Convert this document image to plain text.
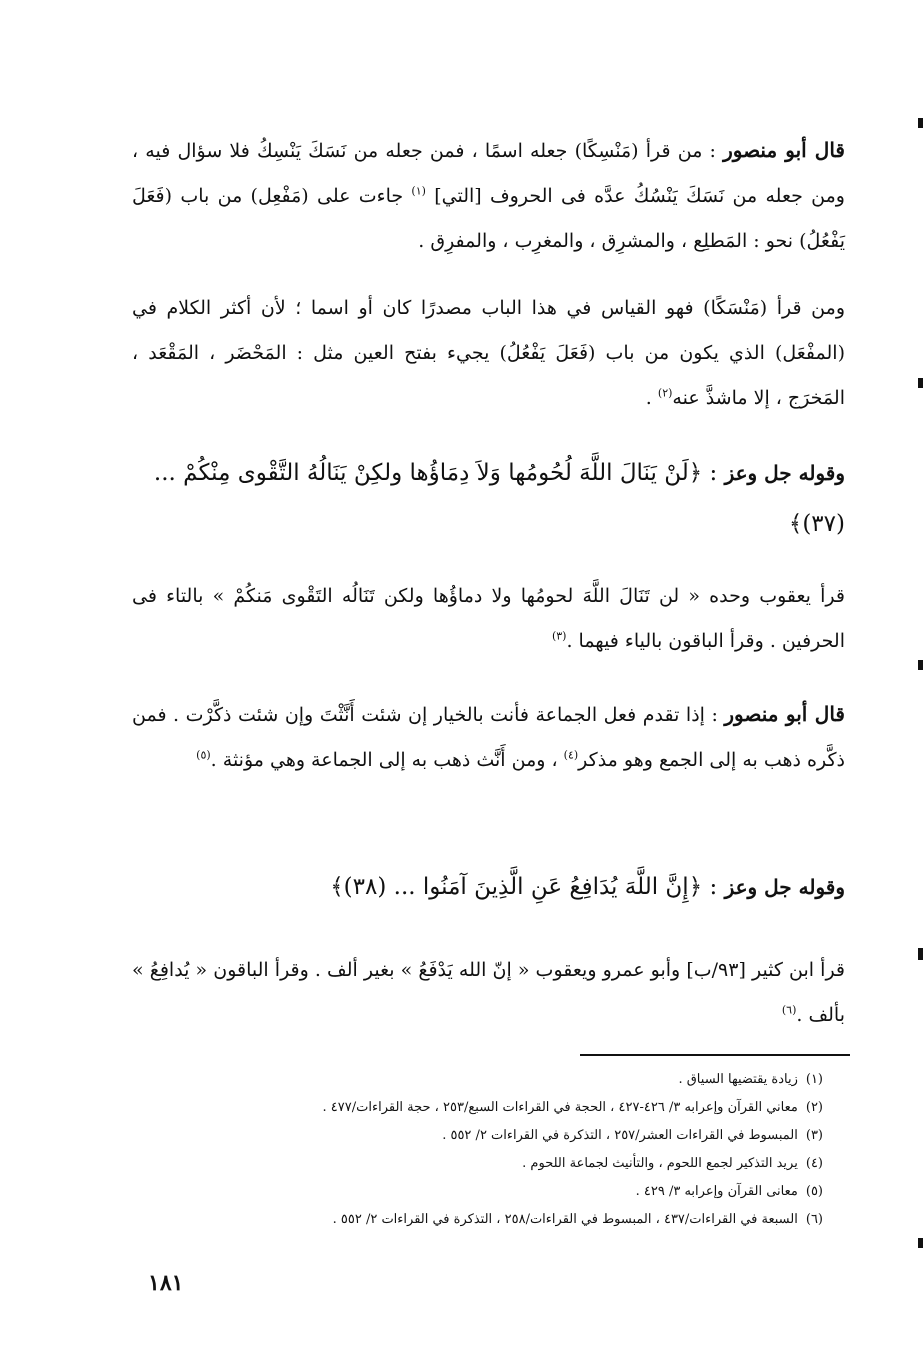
قال أبو منصور : من قرأ (مَنْسِكًا) جعله اسمًا ، فمن جعله من نَسَكَ يَنْسِكُ فلا سؤال فيه ، ومن جعله من نَسَكَ يَنْسُكُ عدَّه فى الحروف [التي] $^{(١)}$ جاءت على (مَفْعِل) من باب (فَعَلَ يَفْعُلُ) نحو : المَطلِع ، والمشرِق ، والمغرِب ، والمفرِق .
ومن قرأ (مَنْسَكًا) فهو القياس في هذا الباب مصدرًا كان أو اسما ؛ لأن أكثر الكلام في (المفْعَل) الذي يكون من باب (فَعَلَ يَفْعُلُ) يجيء بفتح العين مثل : المَحْضَر ، المَقْعَد ، المَخرَج ، إلا ماشذَّ عنه$^{(٢)}$ .
وقوله جل وعز : ﴿لَنْ يَنَالَ اللَّهَ لُحُومُها وَلاَ دِمَاؤُها ولكِنْ يَنَالُهُ التَّقْوى مِنْكُمْ ... (٣٧)﴾
قرأ يعقوب وحده « لن تَنَالَ اللَّهَ لحومُها ولا دماؤُها ولكن تَنَالُه التَقْوى مَنكُمْ » بالتاء فى الحرفين . وقرأ الباقون بالياء فيهما .$^{(٣)}$
قال أبو منصور : إذا تقدم فعل الجماعة فأنت بالخيار إن شئت أَنَّثْتَ وإن شئت ذكَّرْت . فمن ذكَّره ذهب به إلى الجمع وهو مذكر$^{(٤)}$ ، ومن أَنَّث ذهب به إلى الجماعة وهي مؤنثة .$^{(٥)}$
وقوله جل وعز : ﴿إِنَّ اللَّهَ يُدَافِعُ عَنِ الَّذِينَ آمَنُوا ... (٣٨)﴾
قرأ ابن كثير [٩٣/ب] وأبو عمرو ويعقوب « إنّ الله يَدْفَعُ » بغير ألف . وقرأ الباقون « يُدافِعُ » بألف .$^{(٦)}$
(١)زيادة يقتضيها السياق .
(٢)معاني القرآن وإعرابه ٣/ ٤٢٦-٤٢٧ ، الحجة في القراءات السبع/٢٥٣ ، حجة القراءات/٤٧٧ .
(٣)المبسوط في القراءات العشر/٢٥٧ ، التذكرة في القراءات ٢/ ٥٥٢ .
(٤)يريد التذكير لجمع اللحوم ، والتأنيث لجماعة اللحوم .
(٥)معانى القرآن وإعرابه ٣/ ٤٢٩ .
(٦)السبعة في القراءات/٤٣٧ ، المبسوط في القراءات/٢٥٨ ، التذكرة في القراءات ٢/ ٥٥٢ .
١٨١
